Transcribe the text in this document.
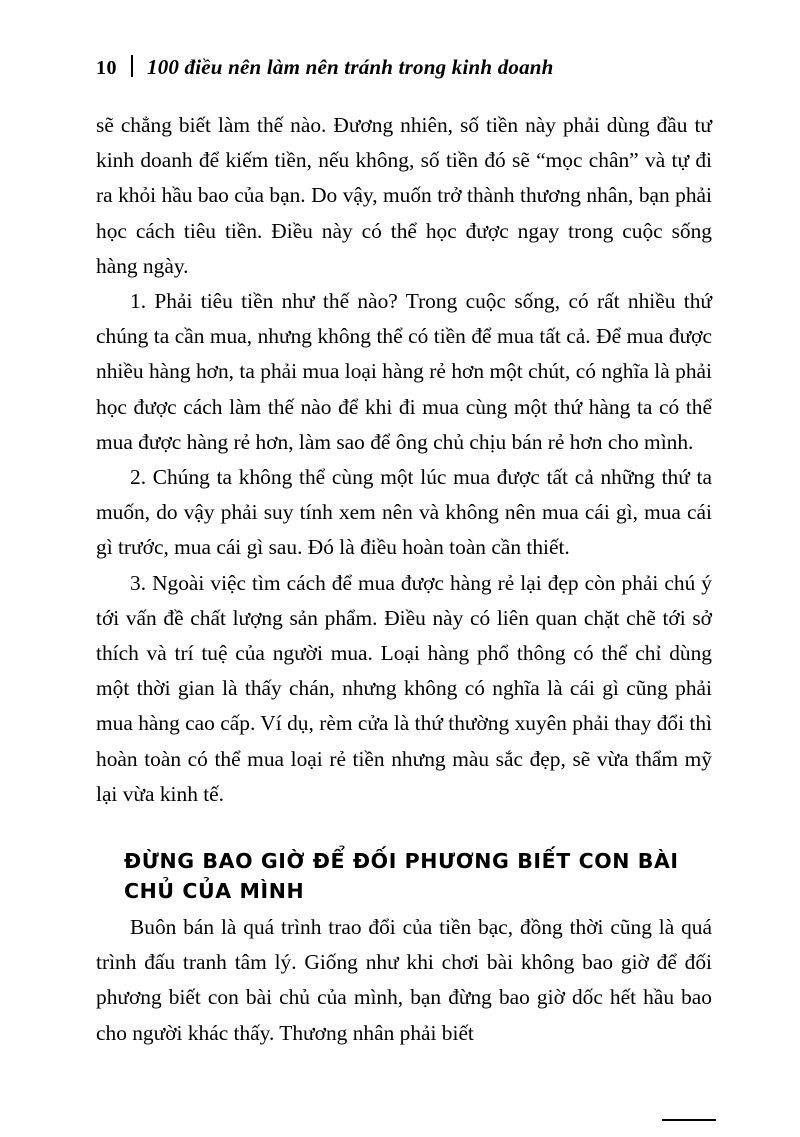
10 100 điều nên làm nên tránh trong kinh doanh

sẽ chẳng biết làm thế nào. Đương nhiên, số tiền này phải dùng đầu tư kinh doanh để kiếm tiền, nếu không, số tiền đó sẽ “mọc chân” và tự đi ra khỏi hầu bao của bạn. Do vậy, muốn trở thành thương nhân, bạn phải học cách tiêu tiền. Điều này có thể học được ngay trong cuộc sống hàng ngày.

1. Phải tiêu tiền như thế nào? Trong cuộc sống, có rất nhiều thứ chúng ta cần mua, nhưng không thể có tiền để mua tất cả. Để mua được nhiều hàng hơn, ta phải mua loại hàng rẻ hơn một chút, có nghĩa là phải học được cách làm thế nào để khi đi mua cùng một thứ hàng ta có thể mua được hàng rẻ hơn, làm sao để ông chủ chịu bán rẻ hơn cho mình.

2. Chúng ta không thể cùng một lúc mua được tất cả những thứ ta muốn, do vậy phải suy tính xem nên và không nên mua cái gì, mua cái gì trước, mua cái gì sau. Đó là điều hoàn toàn cần thiết.

3. Ngoài việc tìm cách để mua được hàng rẻ lại đẹp còn phải chú ý tới vấn đề chất lượng sản phẩm. Điều này có liên quan chặt chẽ tới sở thích và trí tuệ của người mua. Loại hàng phổ thông có thể chỉ dùng một thời gian là thấy chán, nhưng không có nghĩa là cái gì cũng phải mua hàng cao cấp. Ví dụ, rèm cửa là thứ thường xuyên phải thay đổi thì hoàn toàn có thể mua loại rẻ tiền nhưng màu sắc đẹp, sẽ vừa thẩm mỹ lại vừa kinh tế.

ĐỪNG BAO GIỜ ĐỂ ĐỐI PHƯƠNG BIẾT CON BÀI CHỦ CỦA MÌNH

Buôn bán là quá trình trao đổi của tiền bạc, đồng thời cũng là quá trình đấu tranh tâm lý. Giống như khi chơi bài không bao giờ để đối phương biết con bài chủ của mình, bạn đừng bao giờ dốc hết hầu bao cho người khác thấy. Thương nhân phải biết
